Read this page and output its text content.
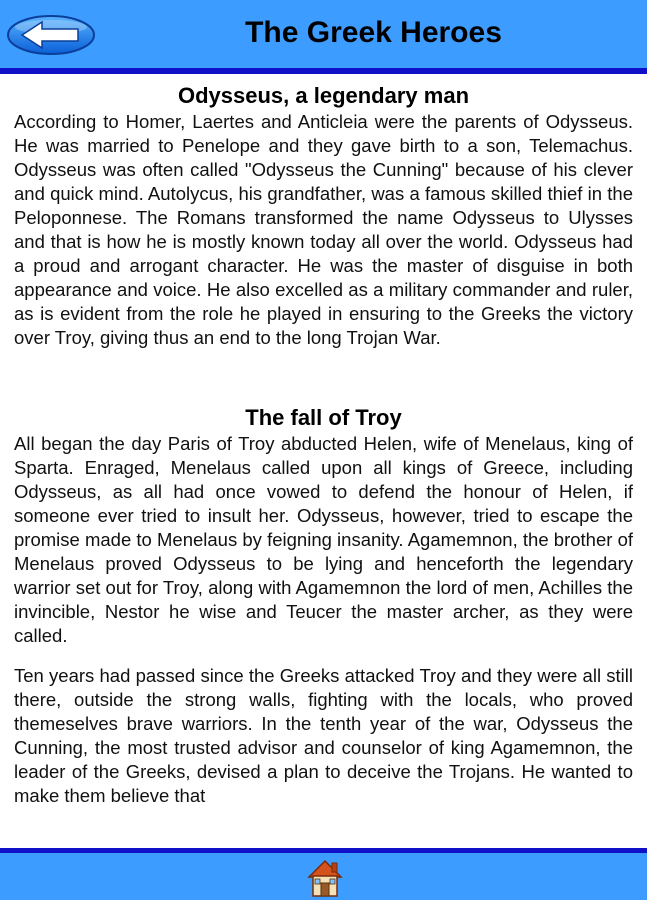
The Greek Heroes
Odysseus, a legendary man

According to Homer, Laertes and Anticleia were the parents of Odysseus. He was married to Penelope and they gave birth to a son, Telemachus. Odysseus was often called "Odysseus the Cunning" because of his clever and quick mind. Autolycus, his grandfather, was a famous skilled thief in the Peloponnese. The Romans transformed the name Odysseus to Ulysses and that is how he is mostly known today all over the world. Odysseus had a proud and arrogant character. He was the master of disguise in both appearance and voice. He also excelled as a military commander and ruler, as is evident from the role he played in ensuring to the Greeks the victory over Troy, giving thus an end to the long Trojan War.

The fall of Troy

All began the day Paris of Troy abducted Helen, wife of Menelaus, king of Sparta. Enraged, Menelaus called upon all kings of Greece, including Odysseus, as all had once vowed to defend the honour of Helen, if someone ever tried to insult her. Odysseus, however, tried to escape the promise made to Menelaus by feigning insanity. Agamemnon, the brother of Menelaus proved Odysseus to be lying and henceforth the legendary warrior set out for Troy, along with Agamemnon the lord of men, Achilles the invincible, Nestor he wise and Teucer the master archer, as they were called.

Ten years had passed since the Greeks attacked Troy and they were all still there, outside the strong walls, fighting with the locals, who proved themeselves brave warriors. In the tenth year of the war, Odysseus the Cunning, the most trusted advisor and counselor of king Agamemnon, the leader of the Greeks, devised a plan to deceive the Trojans. He wanted to make them believe that
